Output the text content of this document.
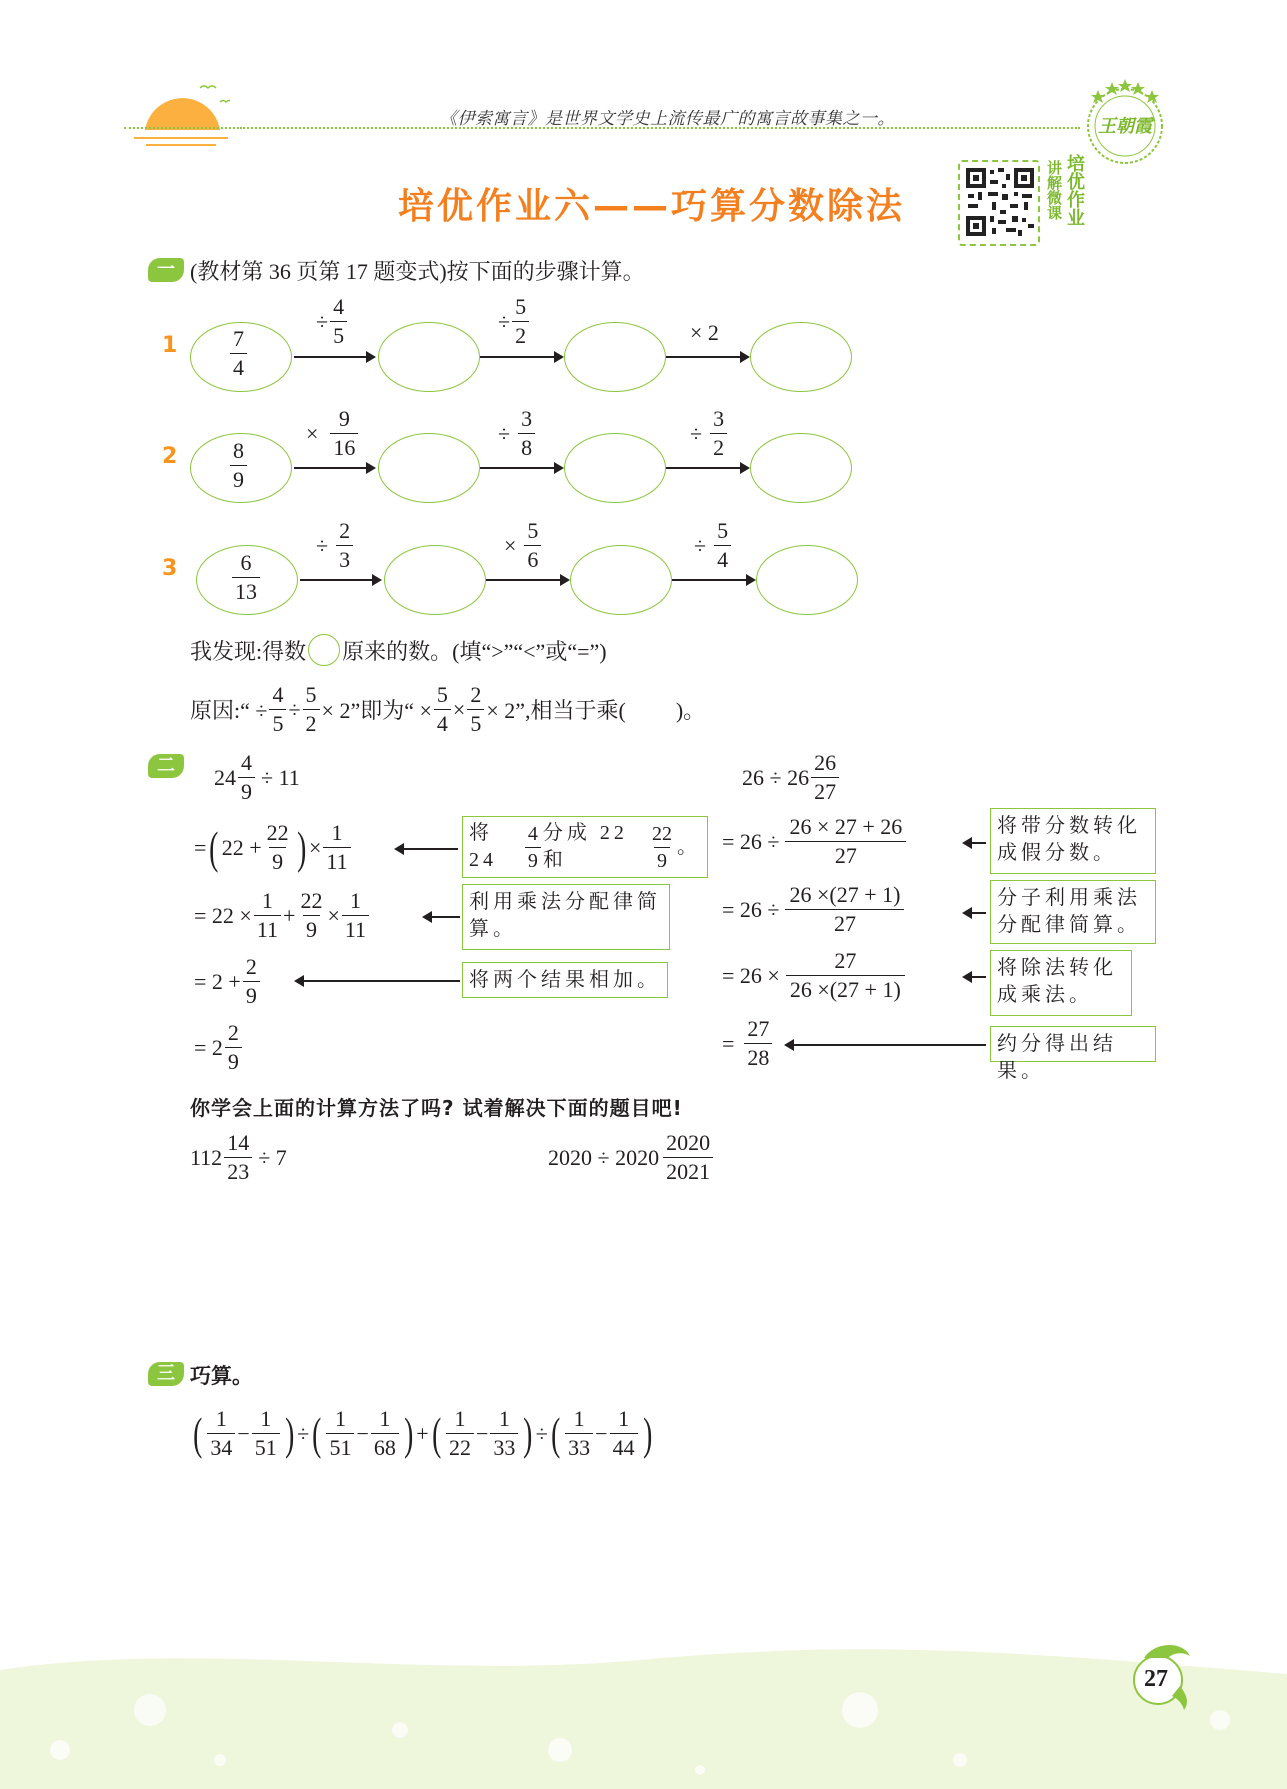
《伊索寓言》是世界文学史上流传最广的寓言故事集之一。	王朝霞
培优作业六——巧算分数除法	讲解微课 培优作业
一 (教材第 36 页第 17 题变式)按下面的步骤计算。
$1 \frac{7}{4}$
÷ $\frac{4}{5}$	÷ $\frac{5}{2}$	× 2
$2 \frac{8}{9}$
× $\frac{9}{16}$	÷ $\frac{3}{8}$	÷ $\frac{3}{2}$
$3 \frac{6}{13}$
÷ $\frac{2}{3}$	× $\frac{5}{6}$	÷ $\frac{5}{4}$
我发现:得数 原来的数。(填“>”“<”或“=”)
原因:“ ÷ $\frac{4}{5} \div \frac{5}{2} \times 2$”即为“ × $\frac{5}{4} \times \frac{2}{5} \times 2$”,相当于乘( )。
二	$24 \frac{4}{9} \div 11$
= ( $22 + \frac{22}{9}$ ) × $\frac{1}{11}$	将 24	$\frac{4}{9}$ 分成 22 和	$\frac{22}{9}$ 。
= $22 \times \frac{1}{11} + \frac{22}{9} \times \frac{1}{11}$	利用乘法分配律简算。
= $2 + \frac{2}{9}$	将两个结果相加。
= $2 \frac{2}{9}$
$26 \div 26 \frac{26}{27}$
= $26 \div \frac{26 \times 27 + 26}{27}$	将带分数转化成假分数。
= $26 \div \frac{26 \times(27 + 1)}{27}$	分子利用乘法分配律简算。
= $26 \times \frac{27}{26 \times(27 + 1)}$	将除法转化成乘法。
= $\frac{27}{28}$	约分得出结果。
你学会上面的计算方法了吗? 试着解决下面的题目吧!
$112 \frac{14}{23} \div 7$	$2020 \div 2020 \frac{2020}{2021}$
三 巧算。
( $\frac{1}{34} - \frac{1}{51}$ ) ÷ ( $\frac{1}{51} - \frac{1}{68}$ ) + ( $\frac{1}{22} - \frac{1}{33}$ ) ÷ ( $\frac{1}{33} - \frac{1}{44}$ )
27
